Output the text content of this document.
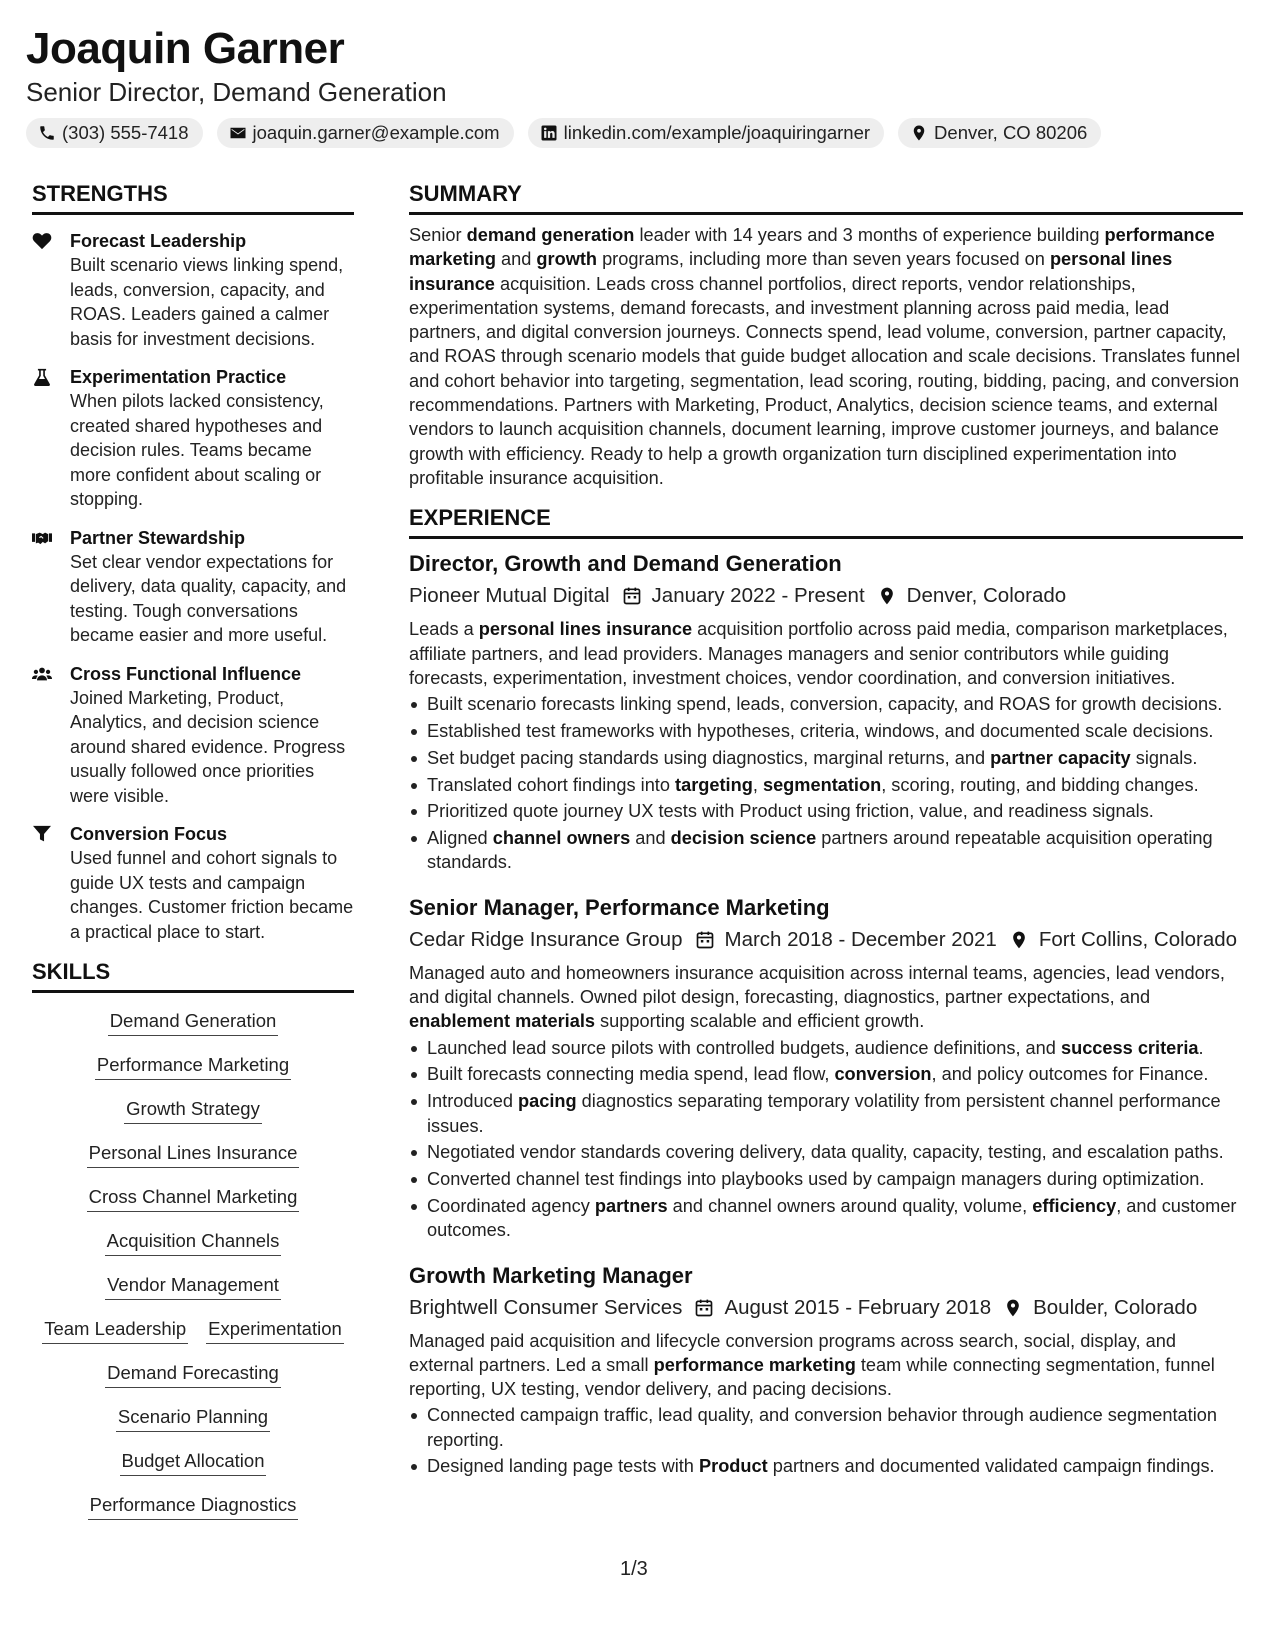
Joaquin Garner
Senior Director, Demand Generation
(303) 555-7418	joaquin.garner@example.com	linkedin.com/example/joaquiringarner	Denver, CO 80206
STRENGTHS
Forecast Leadership
Built scenario views linking spend, leads, conversion, capacity, and ROAS. Leaders gained a calmer basis for investment decisions.
Experimentation Practice
When pilots lacked consistency, created shared hypotheses and decision rules. Teams became more confident about scaling or stopping.
Partner Stewardship
Set clear vendor expectations for delivery, data quality, capacity, and testing. Tough conversations became easier and more useful.
Cross Functional Influence
Joined Marketing, Product, Analytics, and decision science around shared evidence. Progress usually followed once priorities were visible.
Conversion Focus
Used funnel and cohort signals to guide UX tests and campaign changes. Customer friction became a practical place to start.
SKILLS
Demand Generation
Performance Marketing
Growth Strategy
Personal Lines Insurance
Cross Channel Marketing
Acquisition Channels
Vendor Management
Team Leadership Experimentation
Demand Forecasting
Scenario Planning
Budget Allocation
Performance Diagnostics
SUMMARY

Senior demand generation leader with 14 years and 3 months of experience building performance marketing and growth programs, including more than seven years focused on personal lines insurance acquisition. Leads cross channel portfolios, direct reports, vendor relationships, experimentation systems, demand forecasts, and investment planning across paid media, lead partners, and digital conversion journeys. Connects spend, lead volume, conversion, partner capacity, and ROAS through scenario models that guide budget allocation and scale decisions. Translates funnel and cohort behavior into targeting, segmentation, lead scoring, routing, bidding, pacing, and conversion recommendations. Partners with Marketing, Product, Analytics, decision science teams, and external vendors to launch acquisition channels, document learning, improve customer journeys, and balance growth with efficiency. Ready to help a growth organization turn disciplined experimentation into profitable insurance acquisition.

EXPERIENCE
Director, Growth and Demand Generation
Pioneer Mutual Digital January 2022 - Present Denver, Colorado

Leads a personal lines insurance acquisition portfolio across paid media, comparison marketplaces, affiliate partners, and lead providers. Manages managers and senior contributors while guiding forecasts, experimentation, investment choices, vendor coordination, and conversion initiatives.

Built scenario forecasts linking spend, leads, conversion, capacity, and ROAS for growth decisions.
Established test frameworks with hypotheses, criteria, windows, and documented scale decisions.
Set budget pacing standards using diagnostics, marginal returns, and partner capacity signals.
Translated cohort findings into targeting, segmentation, scoring, routing, and bidding changes.
Prioritized quote journey UX tests with Product using friction, value, and readiness signals.
Aligned channel owners and decision science partners around repeatable acquisition operating standards.
Senior Manager, Performance Marketing
Cedar Ridge Insurance Group March 2018 - December 2021 Fort Collins, Colorado

Managed auto and homeowners insurance acquisition across internal teams, agencies, lead vendors, and digital channels. Owned pilot design, forecasting, diagnostics, partner expectations, and enablement materials supporting scalable and efficient growth.

Launched lead source pilots with controlled budgets, audience definitions, and success criteria.
Built forecasts connecting media spend, lead flow, conversion, and policy outcomes for Finance.
Introduced pacing diagnostics separating temporary volatility from persistent channel performance issues.
Negotiated vendor standards covering delivery, data quality, capacity, testing, and escalation paths.
Converted channel test findings into playbooks used by campaign managers during optimization.
Coordinated agency partners and channel owners around quality, volume, efficiency, and customer outcomes.
Growth Marketing Manager
Brightwell Consumer Services August 2015 - February 2018 Boulder, Colorado

Managed paid acquisition and lifecycle conversion programs across search, social, display, and external partners. Led a small performance marketing team while connecting segmentation, funnel reporting, UX testing, vendor delivery, and pacing decisions.

Connected campaign traffic, lead quality, and conversion behavior through audience segmentation reporting.
Designed landing page tests with Product partners and documented validated campaign findings.
1/3
